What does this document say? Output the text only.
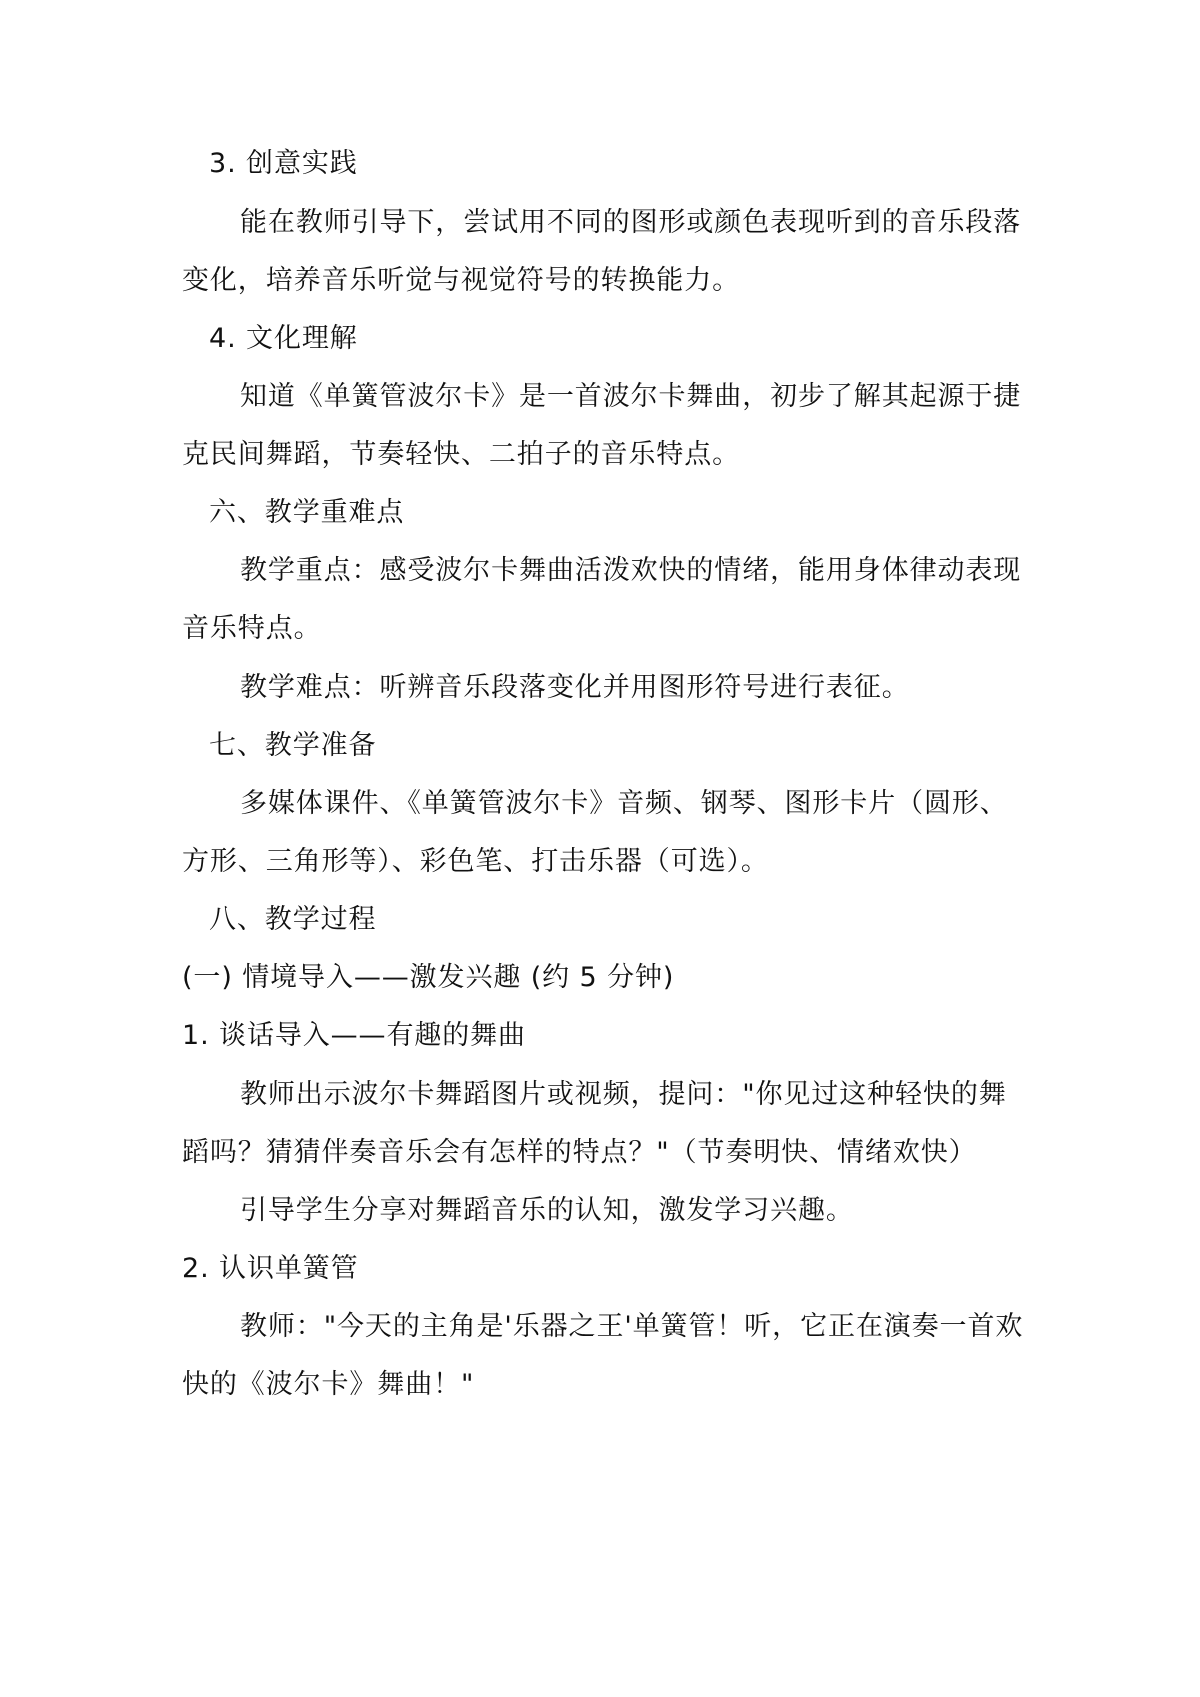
3. 创意实践
能在教师引导下，尝试用不同的图形或颜色表现听到的音乐段落
变化，培养音乐听觉与视觉符号的转换能力。
4. 文化理解
知道《单簧管波尔卡》是一首波尔卡舞曲，初步了解其起源于捷
克民间舞蹈，节奏轻快、二拍子的音乐特点。
六、教学重难点
教学重点：感受波尔卡舞曲活泼欢快的情绪，能用身体律动表现
音乐特点。
教学难点：听辨音乐段落变化并用图形符号进行表征。
七、教学准备
多媒体课件、《单簧管波尔卡》音频、钢琴、图形卡片（圆形、
方形、三角形等）、彩色笔、打击乐器（可选）。
八、教学过程
(一) 情境导入——激发兴趣 (约 5 分钟)
1. 谈话导入——有趣的舞曲
教师出示波尔卡舞蹈图片或视频，提问："你见过这种轻快的舞
蹈吗？猜猜伴奏音乐会有怎样的特点？"（节奏明快、情绪欢快）
引导学生分享对舞蹈音乐的认知，激发学习兴趣。
2. 认识单簧管
教师："今天的主角是'乐器之王'单簧管！听，它正在演奏一首欢
快的《波尔卡》舞曲！"
